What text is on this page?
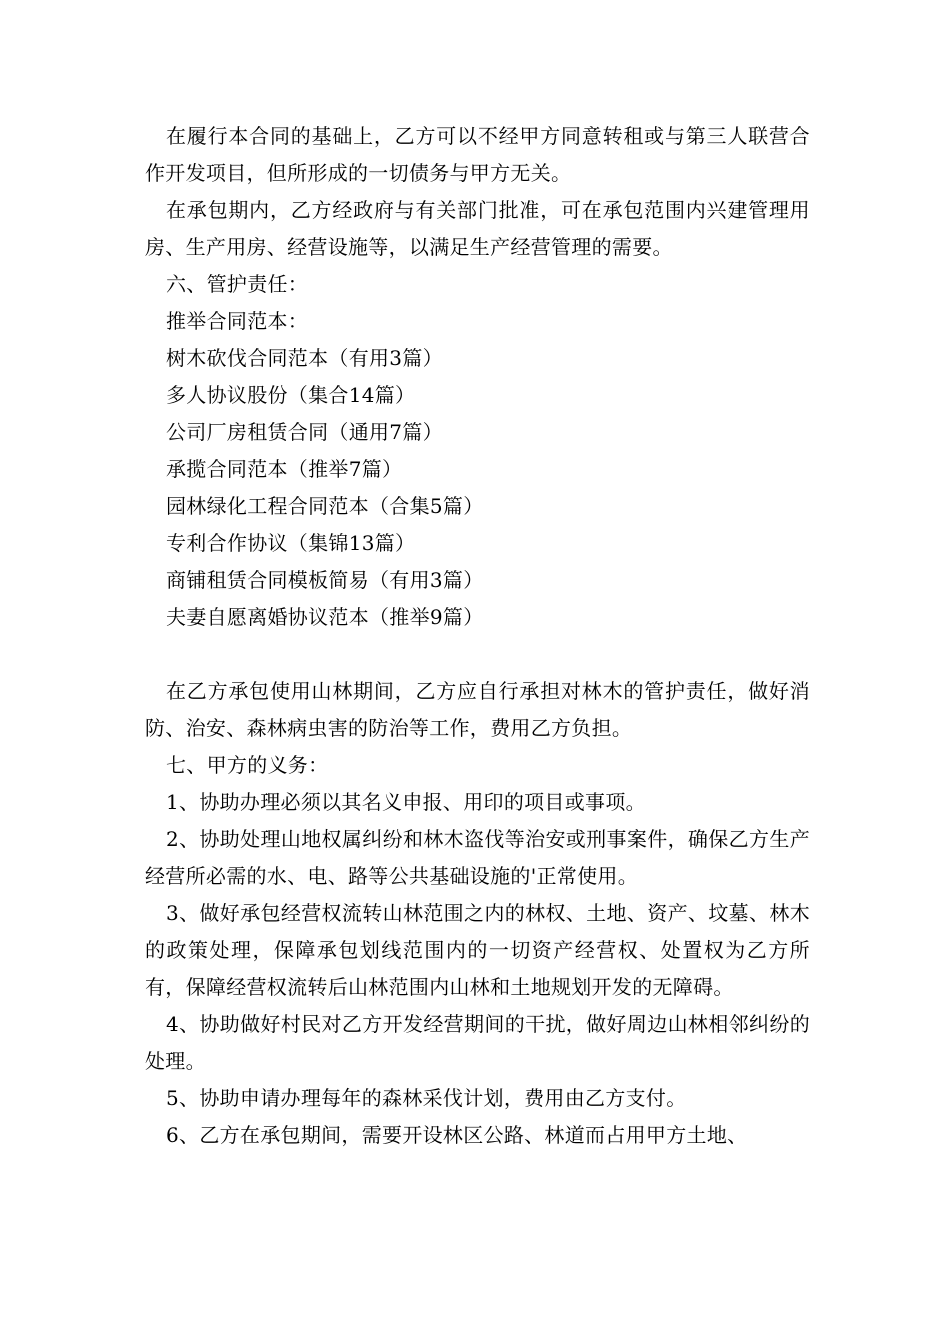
在履行本合同的基础上，乙方可以不经甲方同意转租或与第三人联营合作开发项目，但所形成的一切债务与甲方无关。

在承包期内，乙方经政府与有关部门批准，可在承包范围内兴建管理用房、生产用房、经营设施等，以满足生产经营管理的需要。

六、管护责任：

推举合同范本：

树木砍伐合同范本（有用3篇）

多人协议股份（集合14篇）

公司厂房租赁合同（通用7篇）

承揽合同范本（推举7篇）

园林绿化工程合同范本（合集5篇）

专利合作协议（集锦13篇）

商铺租赁合同模板简易（有用3篇）

夫妻自愿离婚协议范本（推举9篇）

在乙方承包使用山林期间，乙方应自行承担对林木的管护责任，做好消防、治安、森林病虫害的防治等工作，费用乙方负担。

七、甲方的义务：

1、协助办理必须以其名义申报、用印的项目或事项。

2、协助处理山地权属纠纷和林木盗伐等治安或刑事案件，确保乙方生产经营所必需的水、电、路等公共基础设施的'正常使用。

3、做好承包经营权流转山林范围之内的林权、土地、资产、坟墓、林木的政策处理，保障承包划线范围内的一切资产经营权、处置权为乙方所有，保障经营权流转后山林范围内山林和土地规划开发的无障碍。

4、协助做好村民对乙方开发经营期间的干扰，做好周边山林相邻纠纷的处理。

5、协助申请办理每年的森林采伐计划，费用由乙方支付。

6、乙方在承包期间，需要开设林区公路、林道而占用甲方土地、
